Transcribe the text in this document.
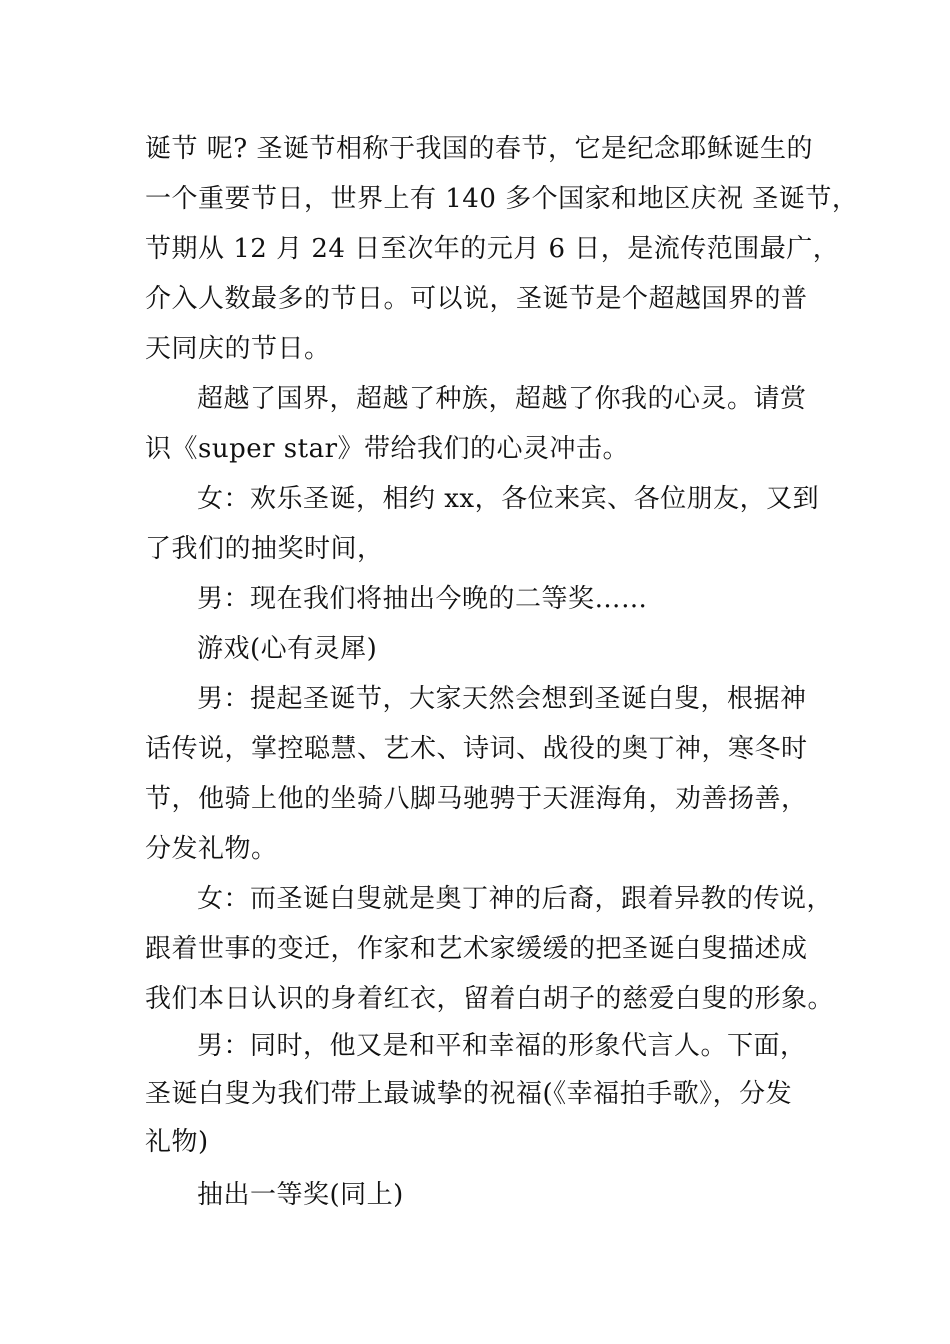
诞节 呢? 圣诞节相称于我国的春节，它是纪念耶稣诞生的
一个重要节日，世界上有 140 多个国家和地区庆祝 圣诞节，
节期从 12 月 24 日至次年的元月 6 日，是流传范围最广，
介入人数最多的节日。可以说，圣诞节是个超越国界的普
天同庆的节日。
超越了国界，超越了种族，超越了你我的心灵。请赏
识《super star》带给我们的心灵冲击。
女：欢乐圣诞，相约 xx，各位来宾、各位朋友，又到
了我们的抽奖时间，
男：现在我们将抽出今晚的二等奖……
游戏(心有灵犀)
男：提起圣诞节，大家天然会想到圣诞白叟，根据神
话传说，掌控聪慧、艺术、诗词、战役的奥丁神，寒冬时
节，他骑上他的坐骑八脚马驰骋于天涯海角，劝善扬善，
分发礼物。
女：而圣诞白叟就是奥丁神的后裔，跟着异教的传说，
跟着世事的变迁，作家和艺术家缓缓的把圣诞白叟描述成
我们本日认识的身着红衣，留着白胡子的慈爱白叟的形象。
男：同时，他又是和平和幸福的形象代言人。下面，
圣诞白叟为我们带上最诚挚的祝福(《幸福拍手歌》，分发
礼物)
抽出一等奖(同上)
